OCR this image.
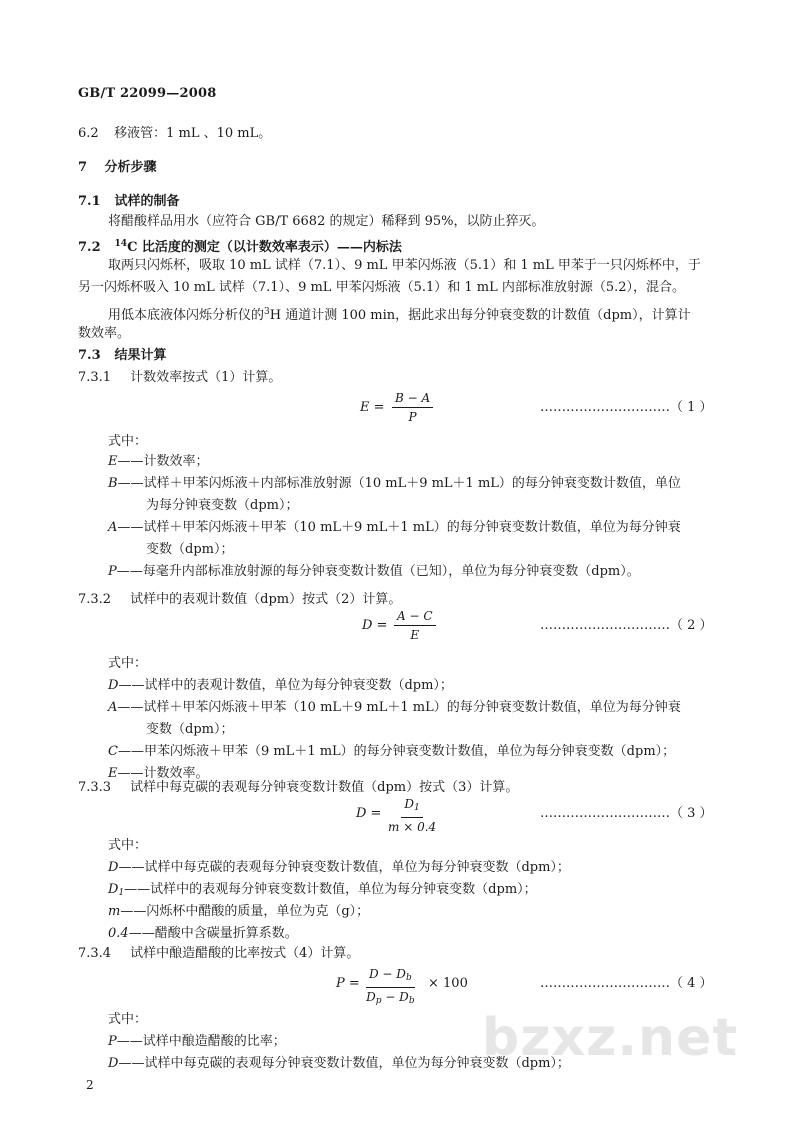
GB/T 22099—2008
6.2 移液管：1 mL 、10 mL。
7 分析步骤
7.1 试样的制备
将醋酸样品用水（应符合 GB/T 6682 的规定）稀释到 95%，以防止猝灭。
7.2 $^{14}$C 比活度的测定（以计数效率表示）——内标法
取两只闪烁杯，吸取 10 mL 试样（7.1）、9 mL 甲苯闪烁液（5.1）和 1 mL 甲苯于一只闪烁杯中，于
另一闪烁杯吸入 10 mL 试样（7.1）、9 mL 甲苯闪烁液（5.1）和 1 mL 内部标准放射源（5.2），混合。
用低本底液体闪烁分析仪的$^3$H 通道计测 100 min，据此求出每分钟衰变数的计数值（dpm），计算计
数效率。
7.3 结果计算
7.3.1 计数效率按式（1）计算。
$E = \frac{B - A}{P}$	…………………………（ 1 ）
式中：
E——计数效率；
B——试样＋甲苯闪烁液＋内部标准放射源（10 mL＋9 mL＋1 mL）的每分钟衰变数计数值，单位
为每分钟衰变数（dpm）；
A——试样＋甲苯闪烁液＋甲苯（10 mL＋9 mL＋1 mL）的每分钟衰变数计数值，单位为每分钟衰
变数（dpm）；
P——每毫升内部标准放射源的每分钟衰变数计数值（已知），单位为每分钟衰变数（dpm）。
7.3.2 试样中的表观计数值（dpm）按式（2）计算。
$D = \frac{A - C}{E}$	…………………………（ 2 ）
式中：
D——试样中的表观计数值，单位为每分钟衰变数（dpm）；
A——试样＋甲苯闪烁液＋甲苯（10 mL＋9 mL＋1 mL）的每分钟衰变数计数值，单位为每分钟衰
变数（dpm）；
C——甲苯闪烁液＋甲苯（9 mL＋1 mL）的每分钟衰变数计数值，单位为每分钟衰变数（dpm）；
E——计数效率。
7.3.3 试样中每克碳的表观每分钟衰变数计数值（dpm）按式（3）计算。
$D = \frac{D_1}{m \times 0.4}$	…………………………（ 3 ）
式中：
D——试样中每克碳的表观每分钟衰变数计数值，单位为每分钟衰变数（dpm）；
$D_1——$试样中的表观每分钟衰变数计数值，单位为每分钟衰变数（dpm）；
m——闪烁杯中醋酸的质量，单位为克（g）；
0.4——醋酸中含碳量折算系数。
7.3.4 试样中酿造醋酸的比率按式（4）计算。
$P = \frac{D - D_b}{D_p - D_b} \times 100$	…………………………（ 4 ）
式中：
P——试样中酿造醋酸的比率；
D——试样中每克碳的表观每分钟衰变数计数值，单位为每分钟衰变数（dpm）；
bzxz.net
2
